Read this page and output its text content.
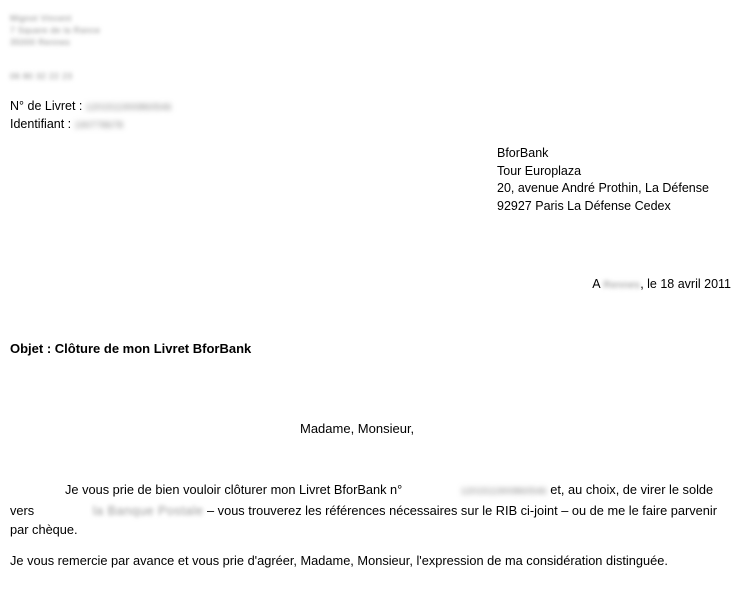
Mignot Vincent
7 Square de la Rance
35000 Rennes
06 80 32 22 23
N° de Livret : 1201511900860546
Identifiant : 190778678
BforBank
Tour Europlaza
20, avenue André Prothin, La Défense
92927 Paris La Défense Cedex
A Rennes, le 18 avril 2011
Objet : Clôture de mon Livret BforBank
Madame, Monsieur,
Je vous prie de bien vouloir clôturer mon Livret BforBank n°	1201511900860546 et, au choix, de virer le solde vers	la Banque Postale – vous trouverez les références nécessaires sur le RIB ci-joint – ou de me le faire parvenir par chèque.
Je vous remercie par avance et vous prie d'agréer, Madame, Monsieur, l'expression de ma considération distinguée.
